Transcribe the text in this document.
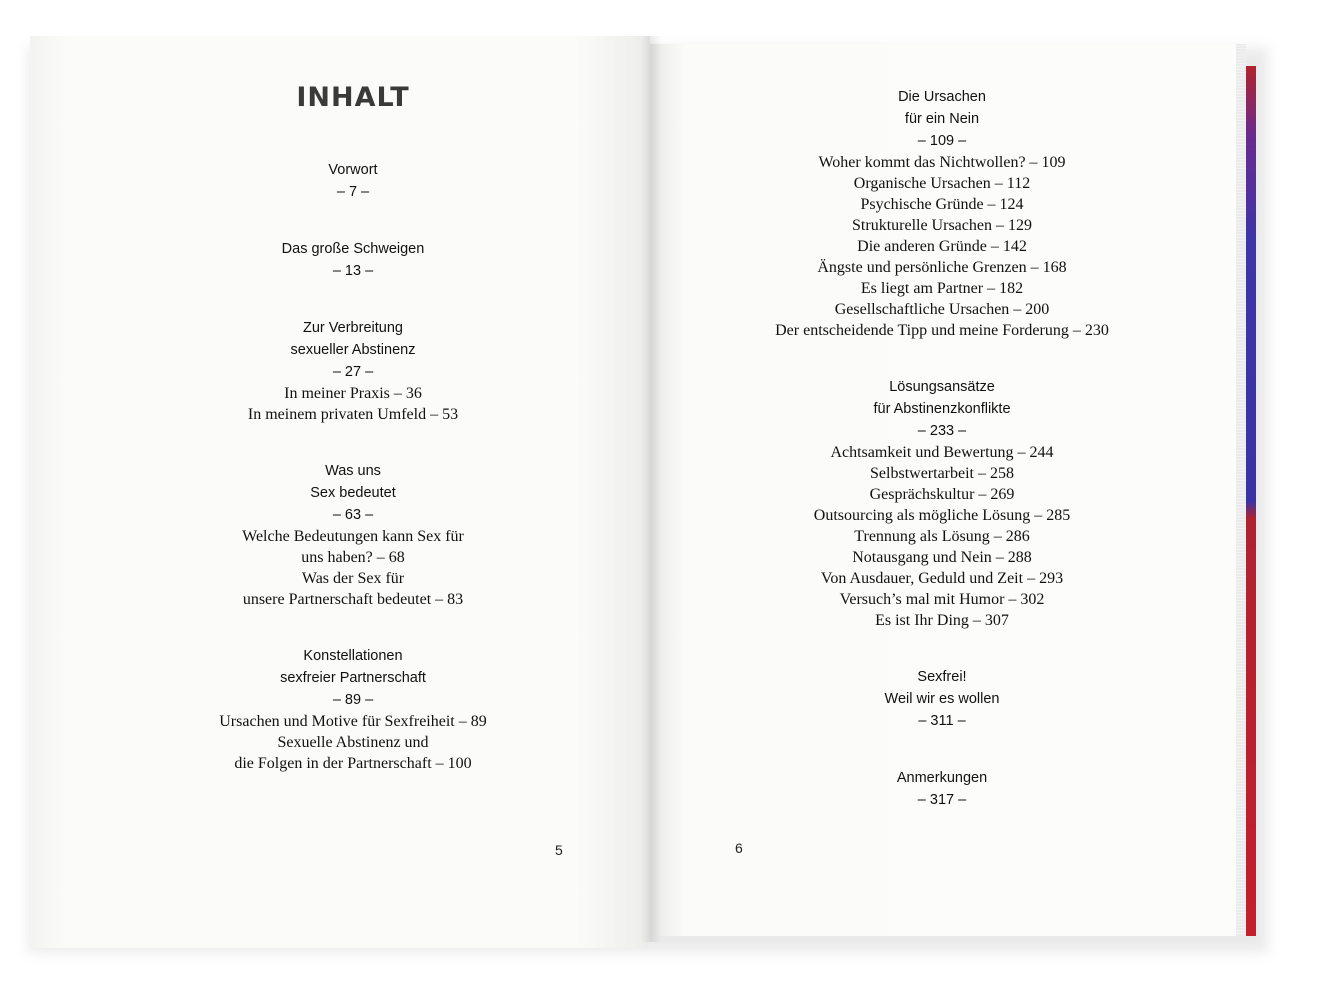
INHALT
Vorwort
– 7 –
Das große Schweigen
– 13 –
Zur Verbreitung
sexueller Abstinenz
– 27 –
In meiner Praxis – 36
In meinem privaten Umfeld – 53
Was uns
Sex bedeutet
– 63 –
Welche Bedeutungen kann Sex für
uns haben? – 68
Was der Sex für
unsere Partnerschaft bedeutet – 83
Konstellationen
sexfreier Partnerschaft
– 89 –
Ursachen und Motive für Sexfreiheit – 89
Sexuelle Abstinenz und
die Folgen in der Partnerschaft – 100
Die Ursachen
für ein Nein
– 109 –
Woher kommt das Nichtwollen? – 109
Organische Ursachen – 112
Psychische Gründe – 124
Strukturelle Ursachen – 129
Die anderen Gründe – 142
Ängste und persönliche Grenzen – 168
Es liegt am Partner – 182
Gesellschaftliche Ursachen – 200
Der entscheidende Tipp und meine Forderung – 230
Lösungsansätze
für Abstinenzkonflikte
– 233 –
Achtsamkeit und Bewertung – 244
Selbstwertarbeit – 258
Gesprächskultur – 269
Outsourcing als mögliche Lösung – 285
Trennung als Lösung – 286
Notausgang und Nein – 288
Von Ausdauer, Geduld und Zeit – 293
Versuch’s mal mit Humor – 302
Es ist Ihr Ding – 307
Sexfrei!
Weil wir es wollen
– 311 –
Anmerkungen
– 317 –
5	6
